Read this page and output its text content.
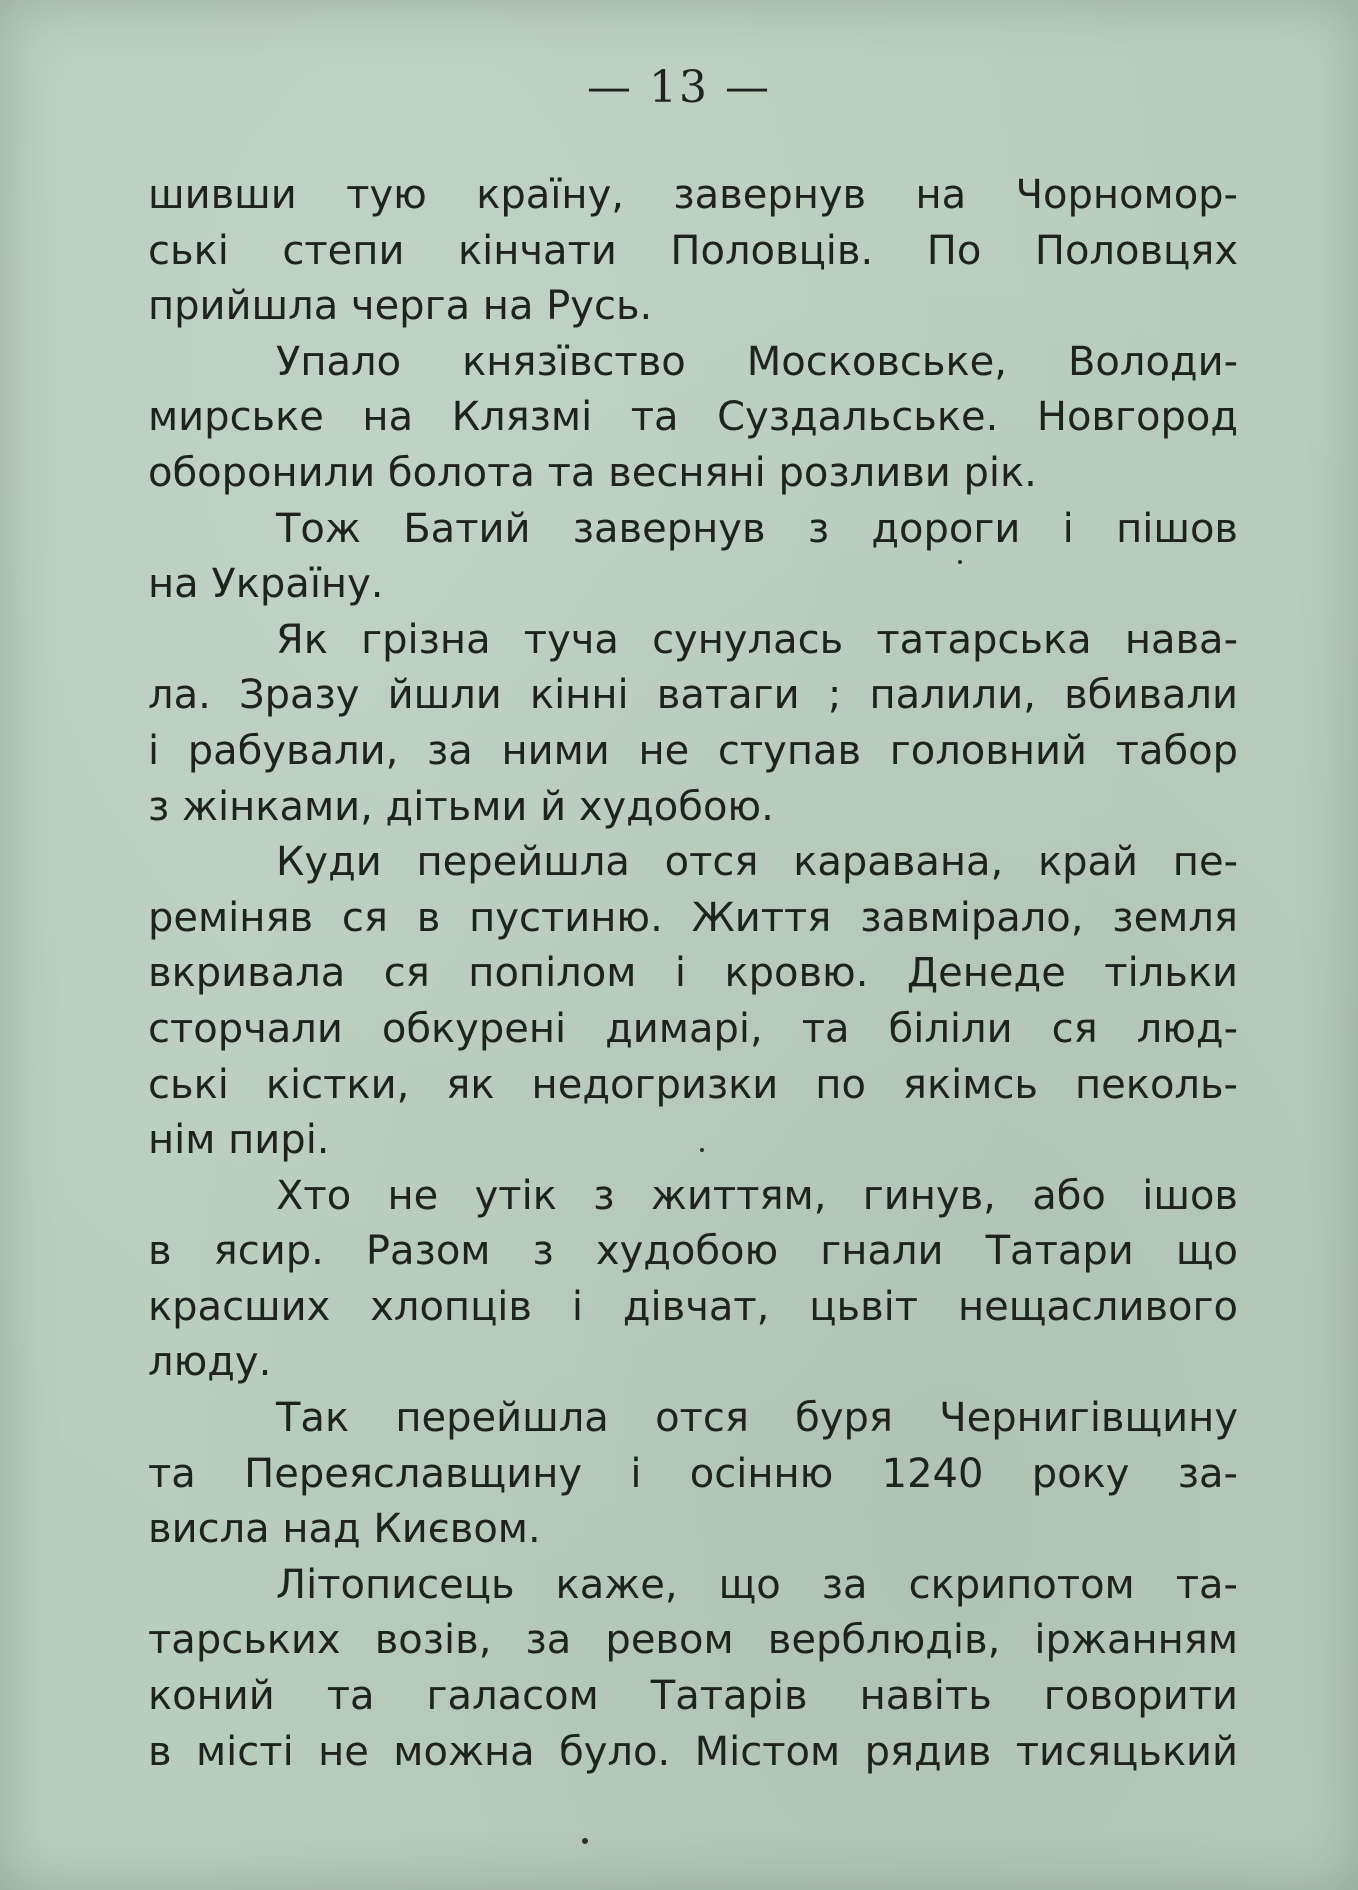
— 13 —
шивши тую країну, завернув на Чорномор-
ські степи кінчати Половців. По Половцях
прийшла черга на Русь.
Упало князївство Московське, Володи-
мирське на Клязмі та Суздальське. Новгород
оборонили болота та весняні розливи рік.
Тож Батий завернув з дороги і пішов
на Україну.
Як грізна туча сунулась татарська нава-
ла. Зразу йшли кінні ватаги ; палили, вбивали
і рабували, за ними не ступав головний табор
з жінками, дітьми й худобою.
Куди перейшла отся каравана, край пе-
реміняв ся в пустиню. Життя завмірало, земля
вкривала ся попілом і кровю. Денеде тільки
сторчали обкурені димарі, та біліли ся люд-
ські кістки, як недогризки по якімсь пеколь-
нім пирі.
Хто не утік з життям, гинув, або ішов
в ясир. Разом з худобою гнали Татари що
красших хлопців і дівчат, цьвіт нещасливого
люду.
Так перейшла отся буря Чернигівщину
та Переяславщину і осінню 1240 року за-
висла над Києвом.
Літописець каже, що за скрипотом та-
тарських возів, за ревом верблюдів, іржанням
коний та галасом Татарів навіть говорити
в місті не можна було. Містом рядив тисяцький
